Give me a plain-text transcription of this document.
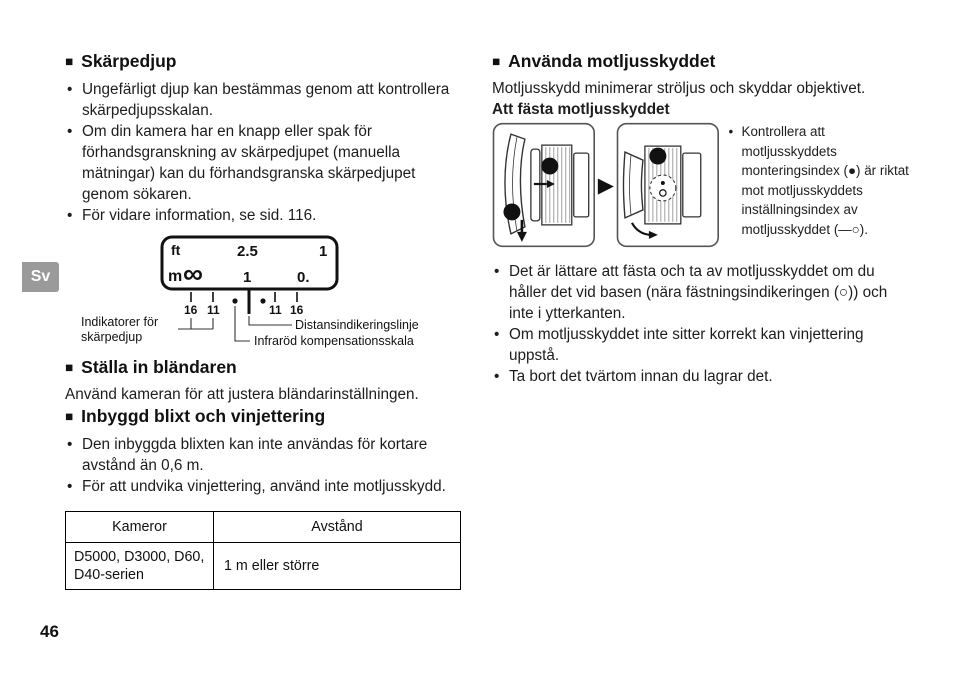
■ Skärpedjup
• Ungefärligt djup kan bestämmas genom att kontrollera skärpedjupsskalan.
• Om din kamera har en knapp eller spak för förhandsgranskning av skärpedjupet (manuella mätningar) kan du förhandsgranska skärpedjupet genom sökaren.
• För vidare information, se sid. 116.
ft
m ∞
2.5	1
1	0.
16 11	11 16
Indikatorer för
skärpedjup
Distansindikeringslinje
Infraröd kompensationsskala
■ Ställa in bländaren

Använd kameran för att justera bländarinställningen.

■ Inbyggd blixt och vinjettering
• Den inbyggda blixten kan inte användas för kortare avstånd än 0,6 m.
• För att undvika vinjettering, använd inte motljusskydd.
Kameror	Avstånd
D5000, D3000, D60, D40-serien	1 m eller större
■ Använda motljusskyddet

Motljusskydd minimerar ströljus och skyddar objektivet.

Att fästa motljusskyddet

1
2
▶
3
• Kontrollera att motljusskyddets monteringsindex (●) är riktat mot motljusskyddets inställningsindex av motljusskyddet (—○).
• Det är lättare att fästa och ta av motljusskyddet om du håller det vid basen (nära fästningsindikeringen (○)) och inte i ytterkanten.
• Om motljusskyddet inte sitter korrekt kan vinjettering uppstå.
• Ta bort det tvärtom innan du lagrar det.
Sv
46
